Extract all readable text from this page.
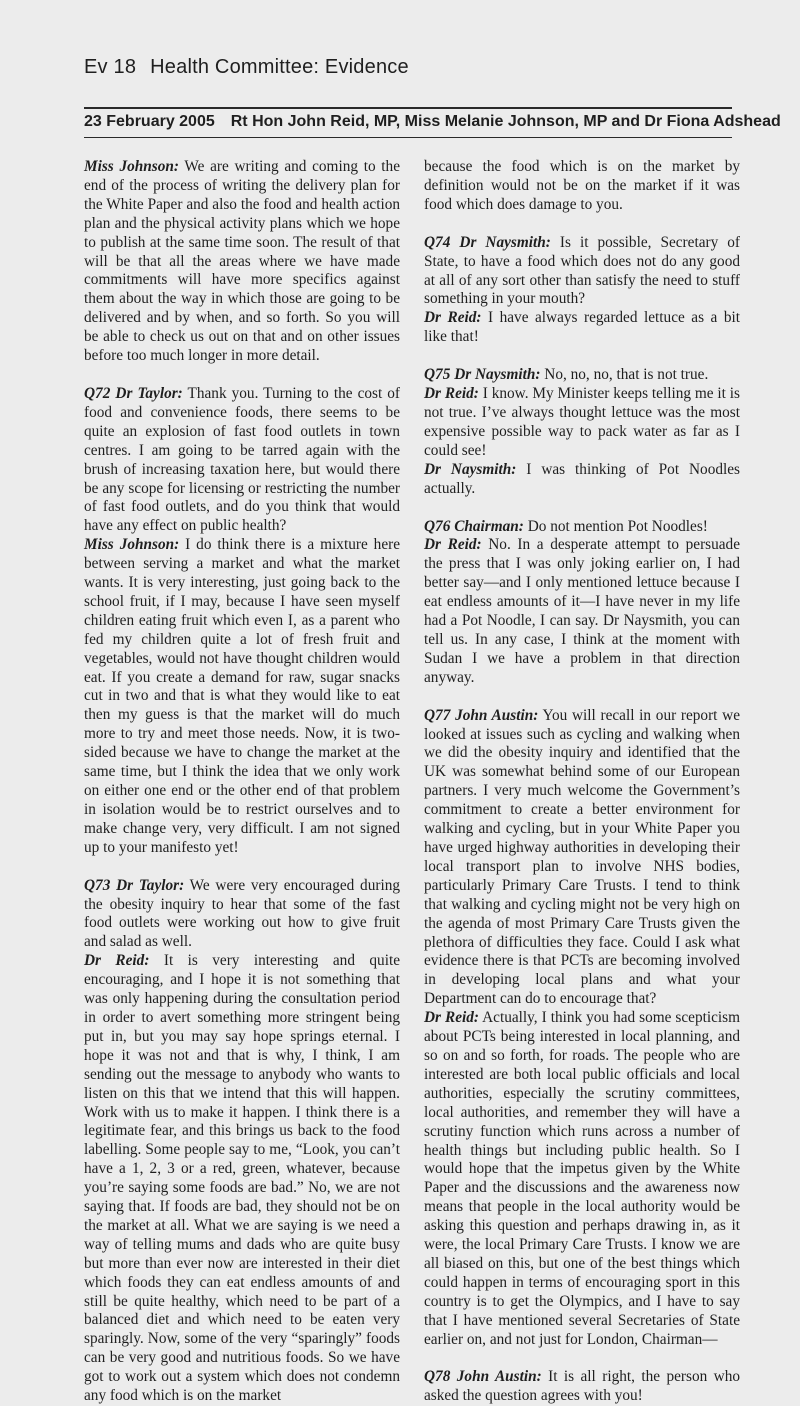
Ev 18 Health Committee: Evidence
23 February 2005 Rt Hon John Reid, MP, Miss Melanie Johnson, MP and Dr Fiona Adshead

Miss Johnson: We are writing and coming to the end of the process of writing the delivery plan for the White Paper and also the food and health action plan and the physical activity plans which we hope to publish at the same time soon. The result of that will be that all the areas where we have made commitments will have more specifics against them about the way in which those are going to be delivered and by when, and so forth. So you will be able to check us out on that and on other issues before too much longer in more detail.

Q72 Dr Taylor: Thank you. Turning to the cost of food and convenience foods, there seems to be quite an explosion of fast food outlets in town centres. I am going to be tarred again with the brush of increasing taxation here, but would there be any scope for licensing or restricting the number of fast food outlets, and do you think that would have any effect on public health?

Miss Johnson: I do think there is a mixture here between serving a market and what the market wants. It is very interesting, just going back to the school fruit, if I may, because I have seen myself children eating fruit which even I, as a parent who fed my children quite a lot of fresh fruit and vegetables, would not have thought children would eat. If you create a demand for raw, sugar snacks cut in two and that is what they would like to eat then my guess is that the market will do much more to try and meet those needs. Now, it is two-sided because we have to change the market at the same time, but I think the idea that we only work on either one end or the other end of that problem in isolation would be to restrict ourselves and to make change very, very difficult. I am not signed up to your manifesto yet!

Q73 Dr Taylor: We were very encouraged during the obesity inquiry to hear that some of the fast food outlets were working out how to give fruit and salad as well.

Dr Reid: It is very interesting and quite encouraging, and I hope it is not something that was only happening during the consultation period in order to avert something more stringent being put in, but you may say hope springs eternal. I hope it was not and that is why, I think, I am sending out the message to anybody who wants to listen on this that we intend that this will happen. Work with us to make it happen. I think there is a legitimate fear, and this brings us back to the food labelling. Some people say to me, “Look, you can’t have a 1, 2, 3 or a red, green, whatever, because you’re saying some foods are bad.” No, we are not saying that. If foods are bad, they should not be on the market at all. What we are saying is we need a way of telling mums and dads who are quite busy but more than ever now are interested in their diet which foods they can eat endless amounts of and still be quite healthy, which need to be part of a balanced diet and which need to be eaten very sparingly. Now, some of the very “sparingly” foods can be very good and nutritious foods. So we have got to work out a system which does not condemn any food which is on the market

because the food which is on the market by definition would not be on the market if it was food which does damage to you.

Q74 Dr Naysmith: Is it possible, Secretary of State, to have a food which does not do any good at all of any sort other than satisfy the need to stuff something in your mouth?

Dr Reid: I have always regarded lettuce as a bit like that!

Q75 Dr Naysmith: No, no, no, that is not true.

Dr Reid: I know. My Minister keeps telling me it is not true. I’ve always thought lettuce was the most expensive possible way to pack water as far as I could see!

Dr Naysmith: I was thinking of Pot Noodles actually.

Q76 Chairman: Do not mention Pot Noodles!

Dr Reid: No. In a desperate attempt to persuade the press that I was only joking earlier on, I had better say—and I only mentioned lettuce because I eat endless amounts of it—I have never in my life had a Pot Noodle, I can say. Dr Naysmith, you can tell us. In any case, I think at the moment with Sudan I we have a problem in that direction anyway.

Q77 John Austin: You will recall in our report we looked at issues such as cycling and walking when we did the obesity inquiry and identified that the UK was somewhat behind some of our European partners. I very much welcome the Government’s commitment to create a better environment for walking and cycling, but in your White Paper you have urged highway authorities in developing their local transport plan to involve NHS bodies, particularly Primary Care Trusts. I tend to think that walking and cycling might not be very high on the agenda of most Primary Care Trusts given the plethora of difficulties they face. Could I ask what evidence there is that PCTs are becoming involved in developing local plans and what your Department can do to encourage that?

Dr Reid: Actually, I think you had some scepticism about PCTs being interested in local planning, and so on and so forth, for roads. The people who are interested are both local public officials and local authorities, especially the scrutiny committees, local authorities, and remember they will have a scrutiny function which runs across a number of health things but including public health. So I would hope that the impetus given by the White Paper and the discussions and the awareness now means that people in the local authority would be asking this question and perhaps drawing in, as it were, the local Primary Care Trusts. I know we are all biased on this, but one of the best things which could happen in terms of encouraging sport in this country is to get the Olympics, and I have to say that I have mentioned several Secretaries of State earlier on, and not just for London, Chairman—

Q78 John Austin: It is all right, the person who asked the question agrees with you!
